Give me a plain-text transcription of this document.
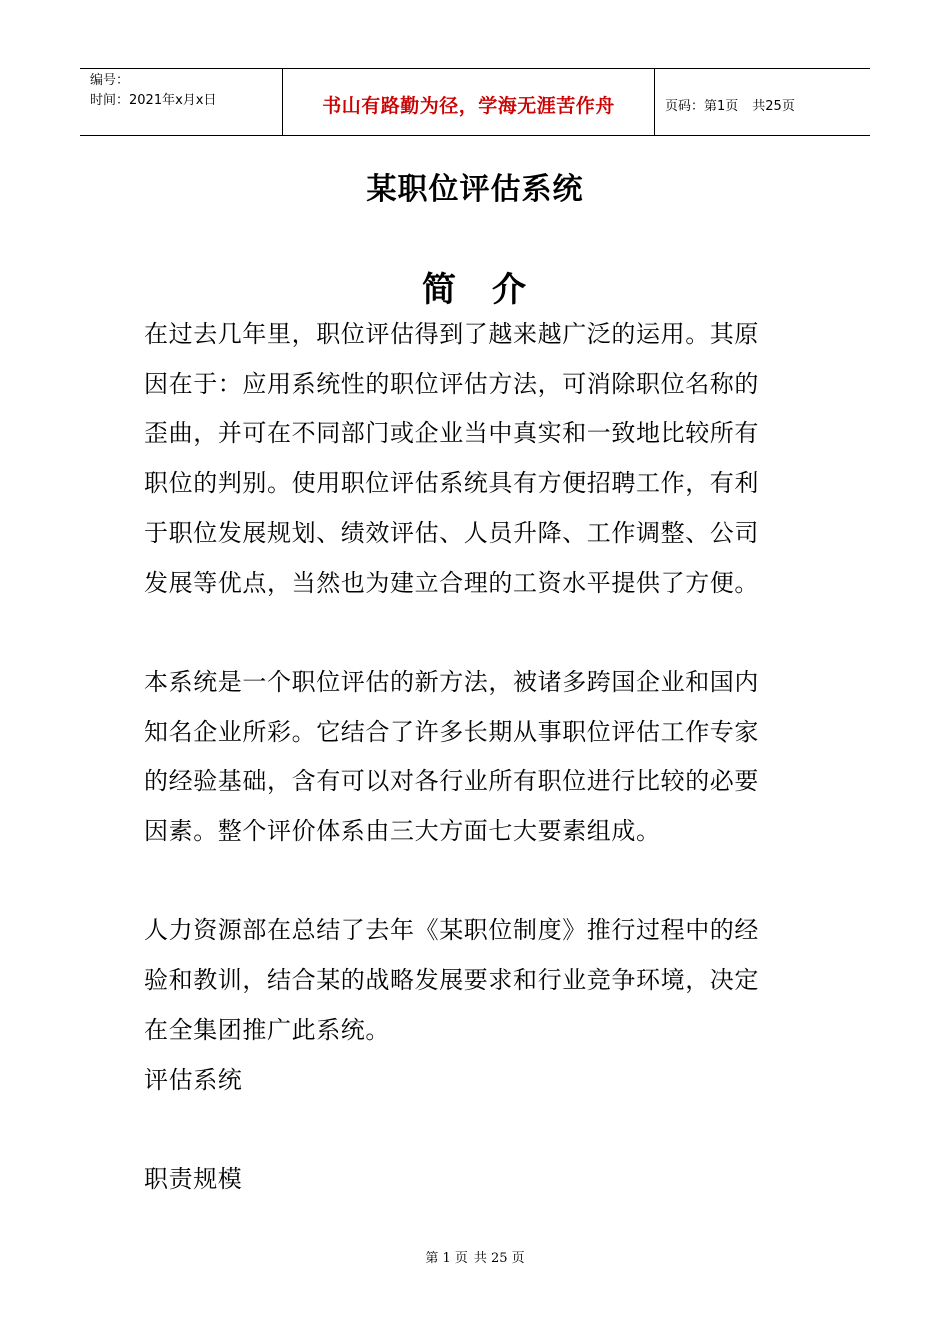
编号：
时间：2021年x月x日	书山有路勤为径，学海无涯苦作舟	页码：第1页 共25页
某职位评估系统
简 介
在过去几年里，职位评估得到了越来越广泛的运用。其原
因在于：应用系统性的职位评估方法，可消除职位名称的
歪曲，并可在不同部门或企业当中真实和一致地比较所有
职位的判别。使用职位评估系统具有方便招聘工作，有利
于职位发展规划、绩效评估、人员升降、工作调整、公司
发展等优点，当然也为建立合理的工资水平提供了方便。
本系统是一个职位评估的新方法，被诸多跨国企业和国内
知名企业所彩。它结合了许多长期从事职位评估工作专家
的经验基础，含有可以对各行业所有职位进行比较的必要
因素。整个评价体系由三大方面七大要素组成。
人力资源部在总结了去年《某职位制度》推行过程中的经
验和教训，结合某的战略发展要求和行业竞争环境，决定
在全集团推广此系统。
评估系统
职责规模
第 1 页 共 25 页
